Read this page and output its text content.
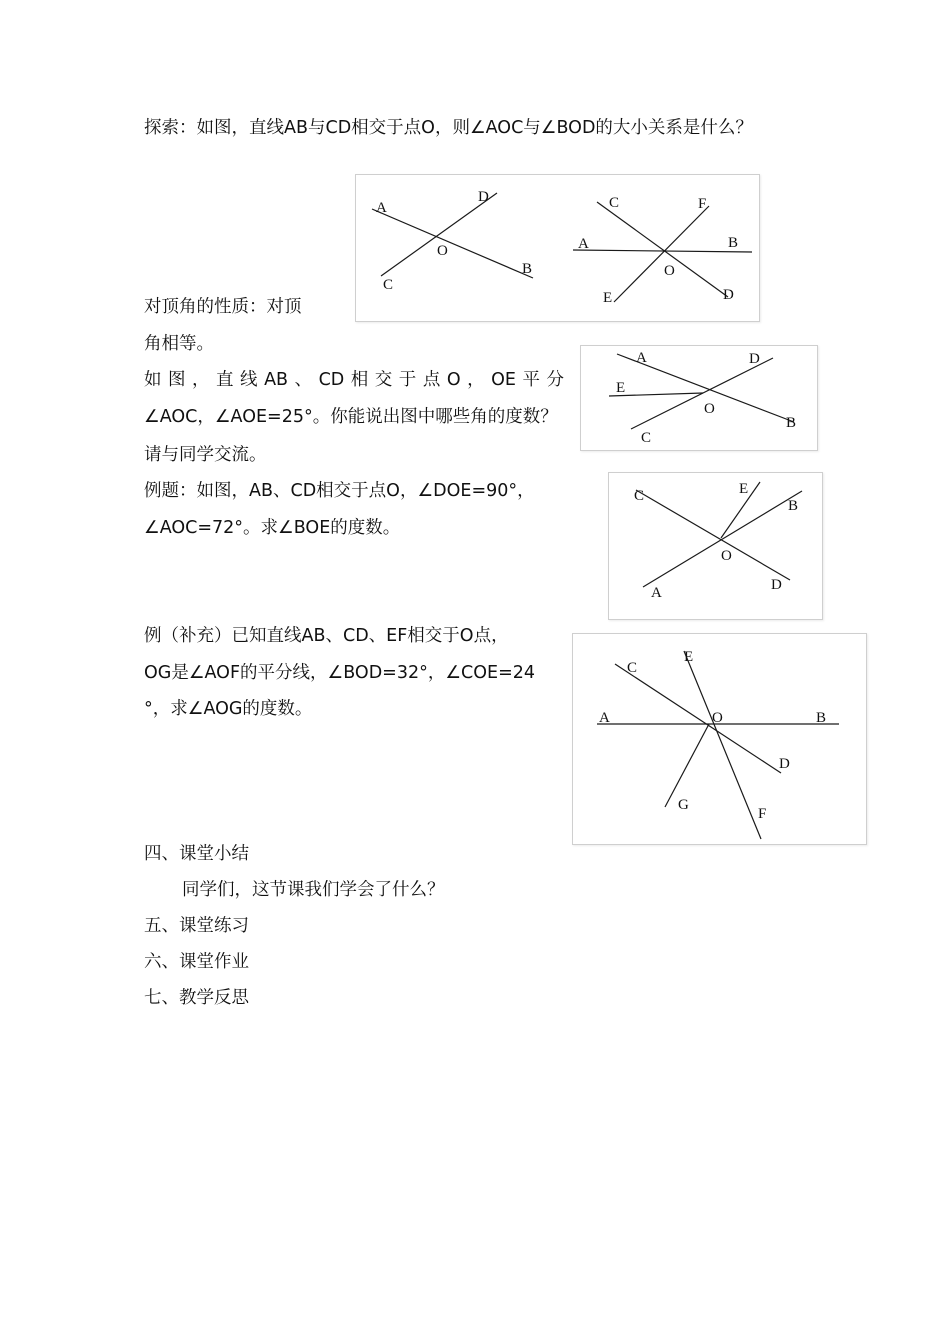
探索：如图，直线AB与CD相交于点O，则∠AOC与∠BOD的大小关系是什么？
对顶角的性质：对顶
角相等。
如图，直线AB、CD相交于点O，OE平分
∠AOC，∠AOE=25°。你能说出图中哪些角的度数？
请与同学交流。
例题：如图，AB、CD相交于点O，∠DOE=90°，
∠AOC=72°。求∠BOE的度数。
例（补充）已知直线AB、CD、EF相交于O点，
OG是∠AOF的平分线，∠BOD=32°，∠COE=24
°，求∠AOG的度数。
四、课堂小结
同学们，这节课我们学会了什么？
五、课堂练习
六、课堂作业
七、教学反思
A
D
O
B
C
C	F
A	B
O
E	D
A	D
E
O
B
C
C	E
B
O
D
A
C
E
A	O	B
D
G
F
